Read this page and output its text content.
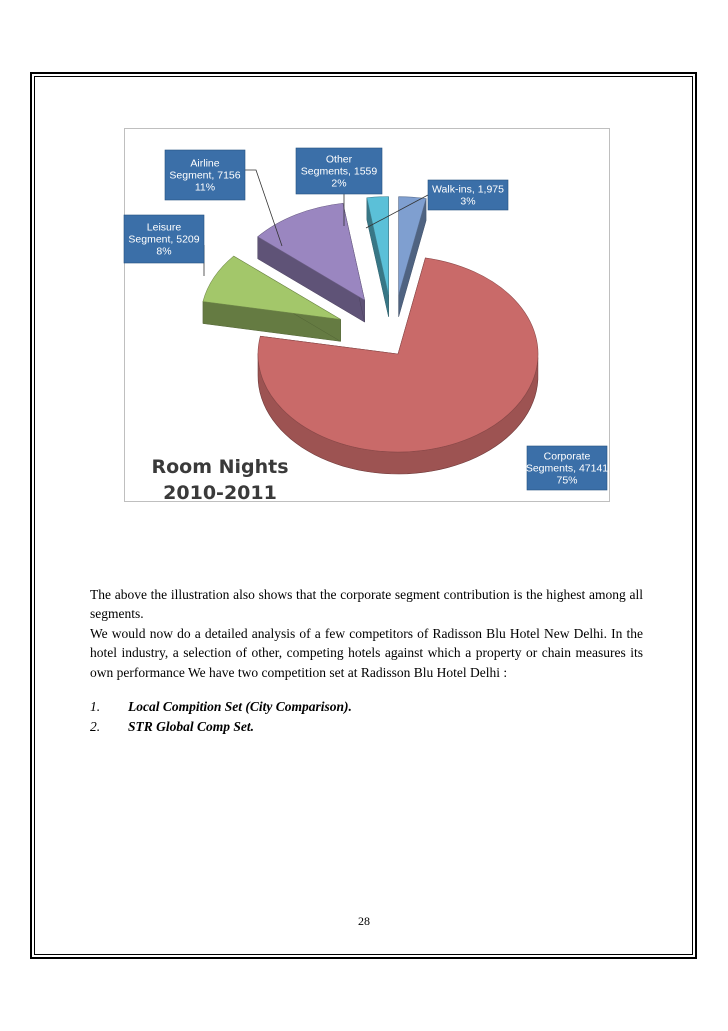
Walk-ins, 1,975
3%
Corporate
Segments, 47141
75%
Leisure
Segment, 5209
8%
Airline
Segment, 7156
11%
Other
Segments, 1559
2%
Room Nights
2010-2011

The above the illustration also shows that the corporate segment contribution is the highest among all segments.

We would now do a detailed analysis of a few competitors of Radisson Blu Hotel New Delhi. In the hotel industry, a selection of other, competing hotels against which a property or chain measures its own performance We have two competition set at Radisson Blu Hotel Delhi :

1.	Local Compition Set (City Comparison).
2.	STR Global Comp Set.
28
